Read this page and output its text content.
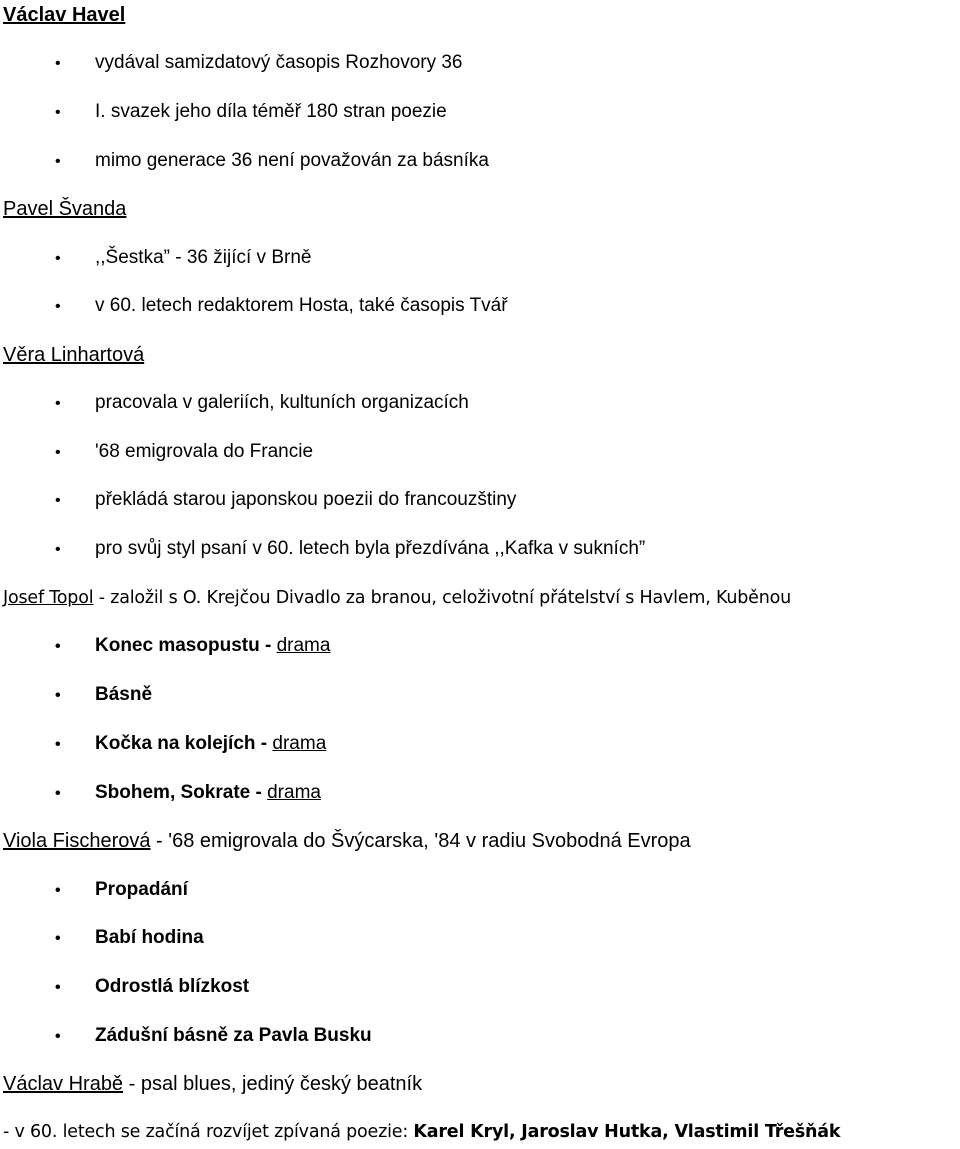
Václav Havel
• vydával samizdatový časopis Rozhovory 36
• I. svazek jeho díla téměř 180 stran poezie
• mimo generace 36 není považován za básníka
Pavel Švanda
• ,,Šestka” - 36 žijící v Brně
• v 60. letech redaktorem Hosta, také časopis Tvář
Věra Linhartová
• pracovala v galeriích, kultuních organizacích
• '68 emigrovala do Francie
• překládá starou japonskou poezii do francouzštiny
• pro svůj styl psaní v 60. letech byla přezdívána ,,Kafka v sukních”
Josef Topol - založil s O. Krejčou Divadlo za branou, celoživotní přátelství s Havlem, Kuběnou
• Konec masopustu - drama
• Básně
• Kočka na kolejích - drama
• Sbohem, Sokrate - drama
Viola Fischerová - '68 emigrovala do Švýcarska, '84 v radiu Svobodná Evropa
• Propadání
• Babí hodina
• Odrostlá blízkost
• Zádušní básně za Pavla Busku
Václav Hrabě - psal blues, jediný český beatník
- v 60. letech se začíná rozvíjet zpívaná poezie: Karel Kryl, Jaroslav Hutka, Vlastimil Třešňák
